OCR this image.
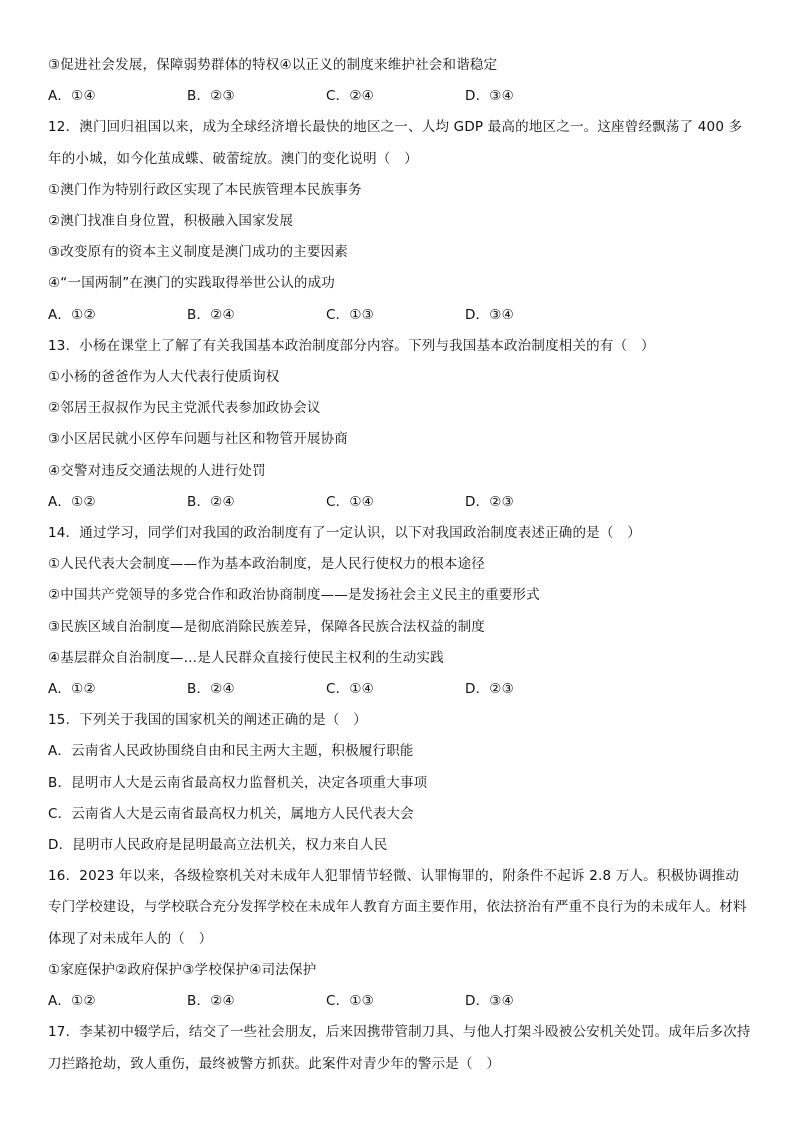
③促进社会发展，保障弱势群体的特权④以正义的制度来维护社会和谐稳定
A．①④	B．②③	C．②④	D．③④
12．澳门回归祖国以来，成为全球经济增长最快的地区之一、人均 GDP 最高的地区之一。这座曾经飘荡了 400 多年的小城，如今化茧成蝶、破蕾绽放。澳门的变化说明（　）
①澳门作为特别行政区实现了本民族管理本民族事务
②澳门找准自身位置，积极融入国家发展
③改变原有的资本主义制度是澳门成功的主要因素
④“一国两制”在澳门的实践取得举世公认的成功
A．①②	B．②④	C．①③	D．③④
13．小杨在课堂上了解了有关我国基本政治制度部分内容。下列与我国基本政治制度相关的有（　）
①小杨的爸爸作为人大代表行使质询权
②邻居王叔叔作为民主党派代表参加政协会议
③小区居民就小区停车问题与社区和物管开展协商
④交警对违反交通法规的人进行处罚
A．①②	B．②④	C．①④	D．②③
14．通过学习，同学们对我国的政治制度有了一定认识，以下对我国政治制度表述正确的是（　）
①人民代表大会制度——作为基本政治制度，是人民行使权力的根本途径
②中国共产党领导的多党合作和政治协商制度——是发扬社会主义民主的重要形式
③民族区域自治制度—是彻底消除民族差异，保障各民族合法权益的制度
④基层群众自治制度—…是人民群众直接行使民主权利的生动实践
A．①②	B．②④	C．①④	D．②③
15．下列关于我国的国家机关的阐述正确的是（　）
A．云南省人民政协围绕自由和民主两大主题，积极履行职能
B．昆明市人大是云南省最高权力监督机关，决定各项重大事项
C．云南省人大是云南省最高权力机关，属地方人民代表大会
D．昆明市人民政府是昆明最高立法机关，权力来自人民
16．2023 年以来，各级检察机关对未成年人犯罪情节轻微、认罪悔罪的，附条件不起诉 2.8 万人。积极协调推动专门学校建设，与学校联合充分发挥学校在未成年人教育方面主要作用，依法挤治有严重不良行为的未成年人。材料体现了对未成年人的（　）
①家庭保护②政府保护③学校保护④司法保护
A．①②	B．②④	C．①③	D．③④
17．李某初中辍学后，结交了一些社会朋友，后来因携带管制刀具、与他人打架斗殴被公安机关处罚。成年后多次持刀拦路抢劫，致人重伤，最终被警方抓获。此案件对青少年的警示是（　）
